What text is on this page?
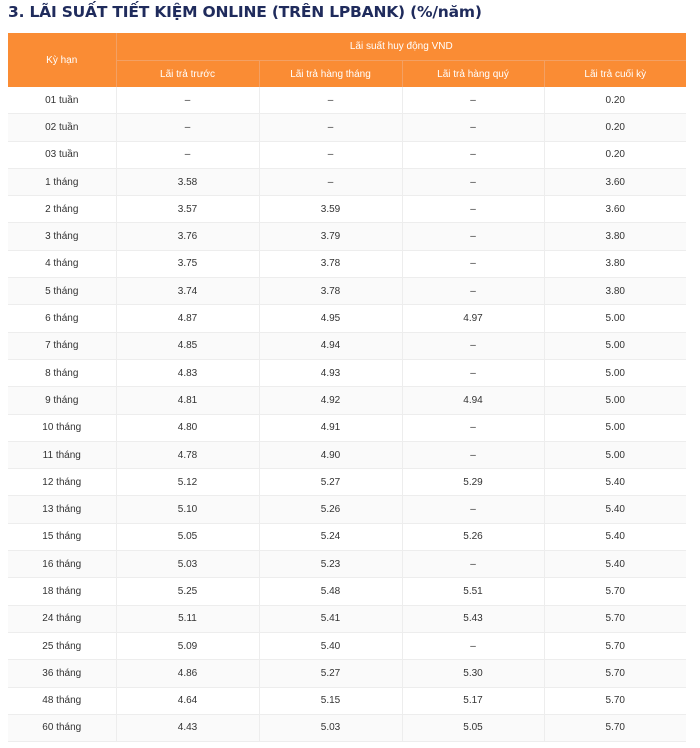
3. LÃI SUẤT TIẾT KIỆM ONLINE (TRÊN LPBANK) (%/năm)
Kỳ hạn	Lãi suất huy động VND			
	Lãi trả trước	Lãi trả hàng tháng	Lãi trả hàng quý	Lãi trả cuối kỳ
01 tuần	–	–	–	0.20
02 tuần	–	–	–	0.20
03 tuần	–	–	–	0.20
1 tháng	3.58	–	–	3.60
2 tháng	3.57	3.59	–	3.60
3 tháng	3.76	3.79	–	3.80
4 tháng	3.75	3.78	–	3.80
5 tháng	3.74	3.78	–	3.80
6 tháng	4.87	4.95	4.97	5.00
7 tháng	4.85	4.94	–	5.00
8 tháng	4.83	4.93	–	5.00
9 tháng	4.81	4.92	4.94	5.00
10 tháng	4.80	4.91	–	5.00
11 tháng	4.78	4.90	–	5.00
12 tháng	5.12	5.27	5.29	5.40
13 tháng	5.10	5.26	–	5.40
15 tháng	5.05	5.24	5.26	5.40
16 tháng	5.03	5.23	–	5.40
18 tháng	5.25	5.48	5.51	5.70
24 tháng	5.11	5.41	5.43	5.70
25 tháng	5.09	5.40	–	5.70
36 tháng	4.86	5.27	5.30	5.70
48 tháng	4.64	5.15	5.17	5.70
60 tháng	4.43	5.03	5.05	5.70
